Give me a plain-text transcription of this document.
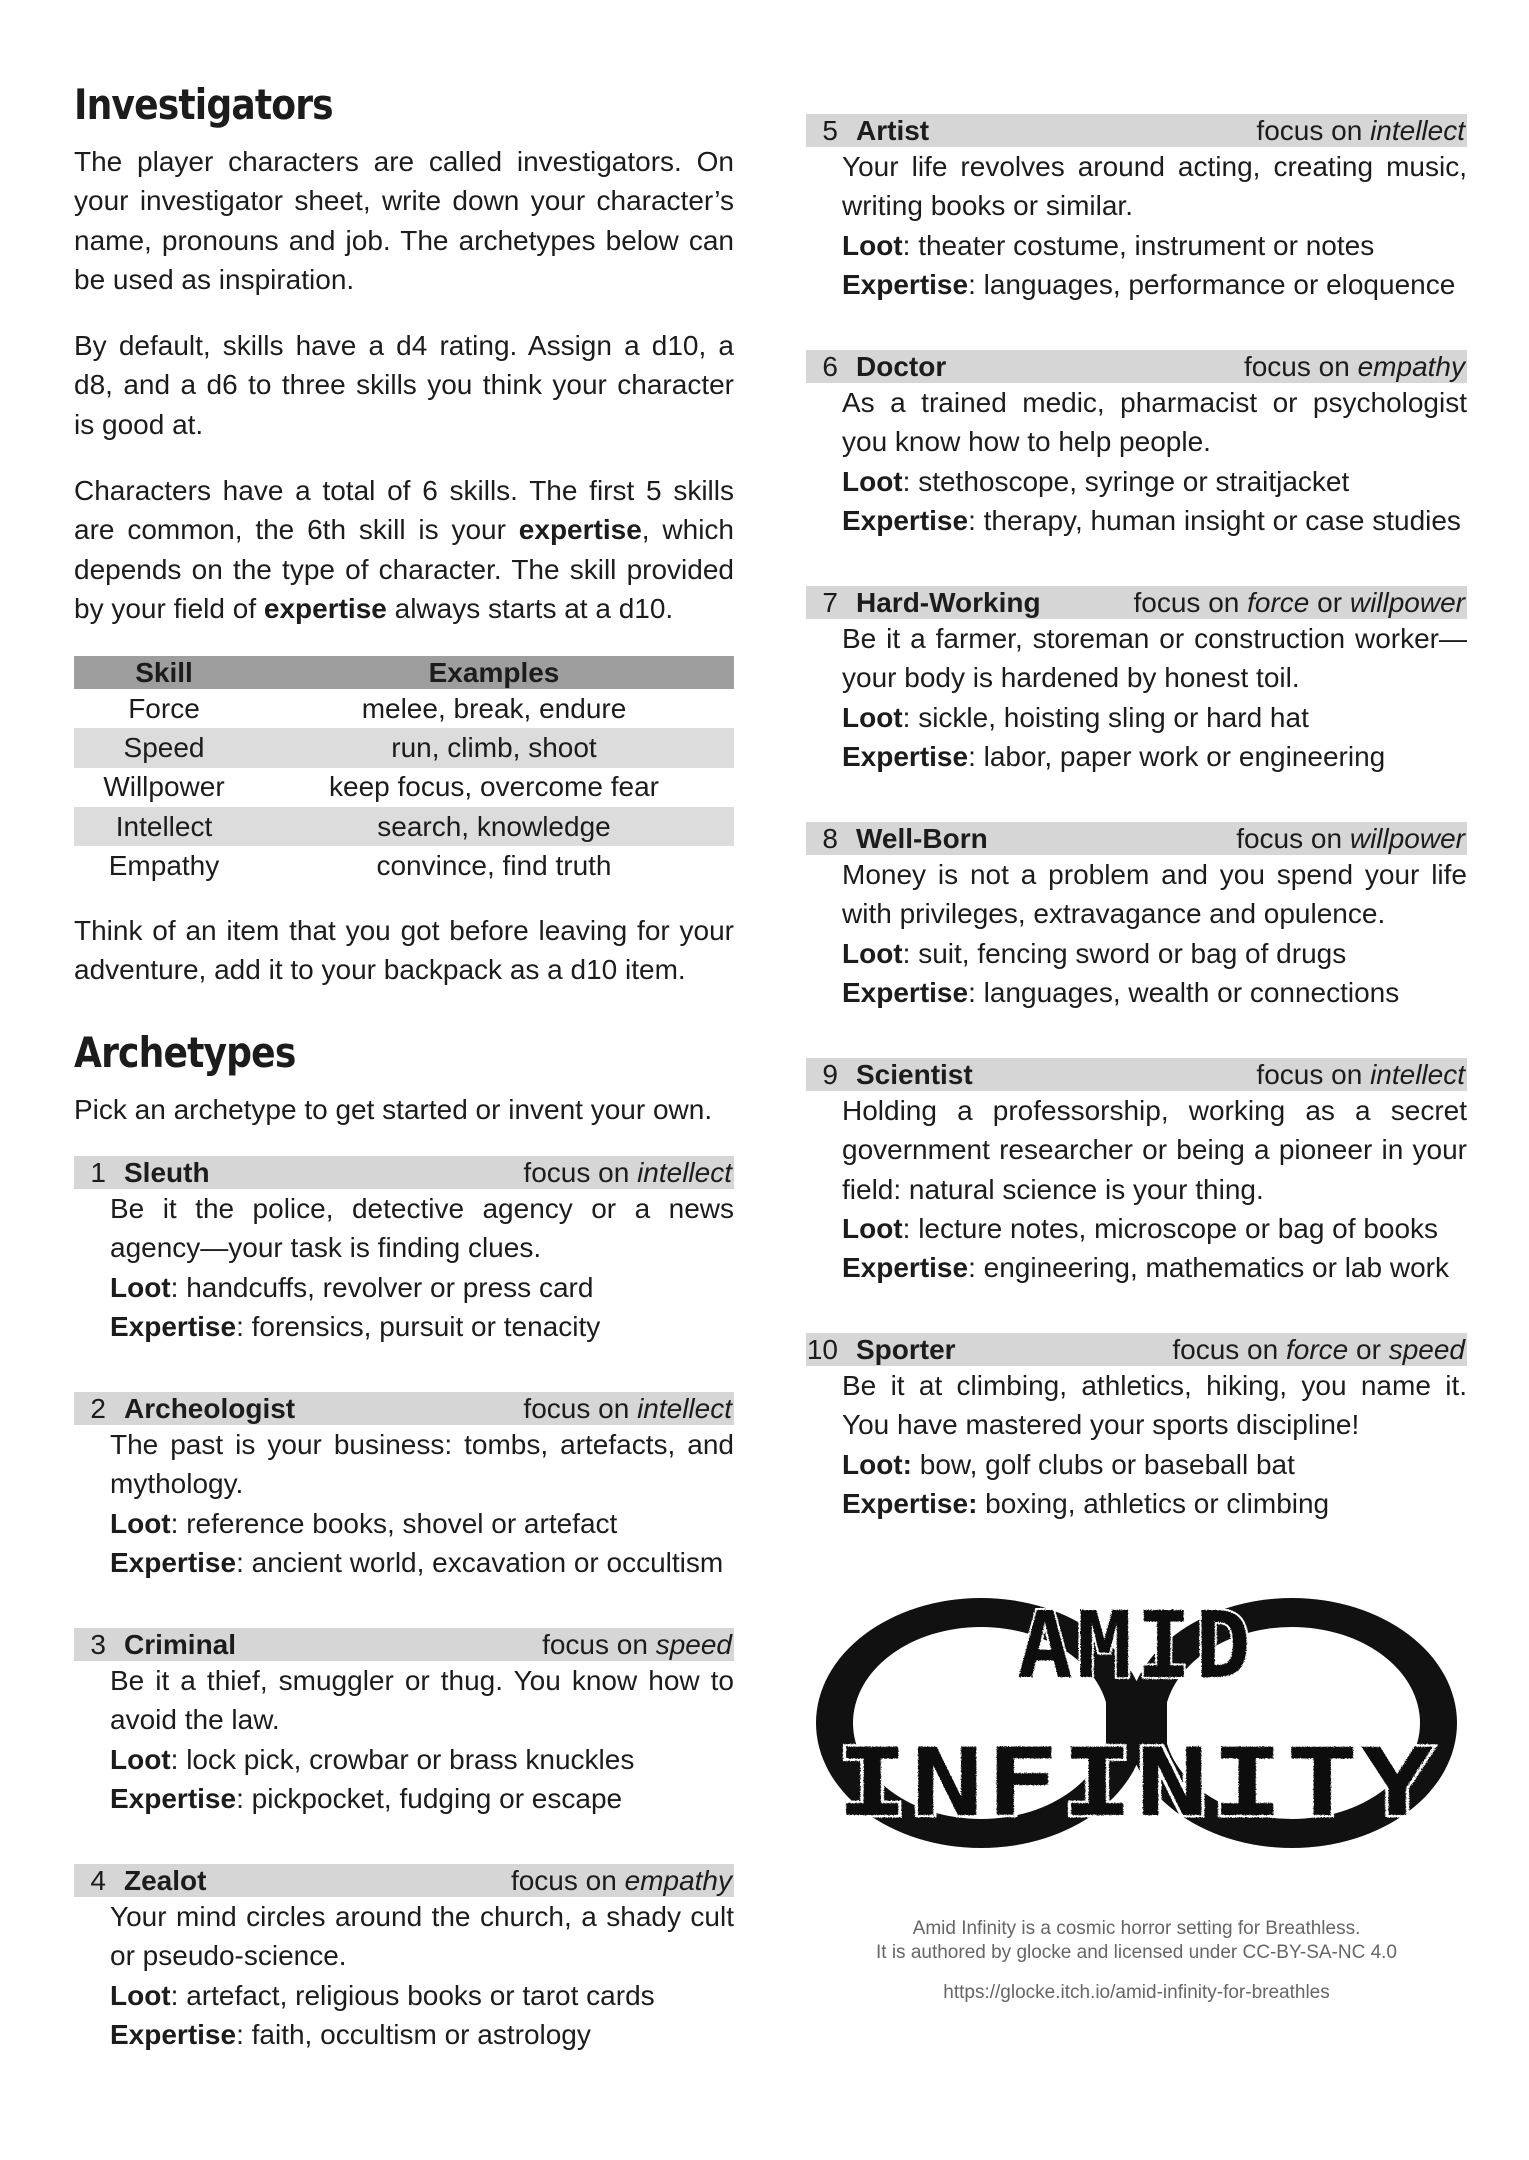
Investigators

The player characters are called investigators. On your investigator sheet, write down your character’s name, pronouns and job. The archetypes below can be used as inspiration.

By default, skills have a d4 rating. Assign a d10, a d8, and a d6 to three skills you think your character is good at.

Characters have a total of 6 skills. The first 5 skills are common, the 6th skill is your expertise, which depends on the type of character. The skill provided by your field of expertise always starts at a d10.

Skill	Examples
Force	melee, break, endure
Speed	run, climb, shoot
Willpower	keep focus, overcome fear
Intellect	search, knowledge
Empathy	convince, find truth

Think of an item that you got before leaving for your adventure, add it to your backpack as a d10 item.

Archetypes

Pick an archetype to get started or invent your own.

1 Sleuth	focus on intellect

Be it the police, detective agency or a news agency—your task is finding clues.

Loot: handcuffs, revolver or press card

Expertise: forensics, pursuit or tenacity

2 Archeologist	focus on intellect

The past is your business: tombs, artefacts, and mythology.

Loot: reference books, shovel or artefact

Expertise: ancient world, excavation or occultism

3 Criminal	focus on speed

Be it a thief, smuggler or thug. You know how to avoid the law.

Loot: lock pick, crowbar or brass knuckles

Expertise: pickpocket, fudging or escape

4 Zealot	focus on empathy

Your mind circles around the church, a shady cult or pseudo-science.

Loot: artefact, religious books or tarot cards

Expertise: faith, occultism or astrology

5 Artist	focus on intellect

Your life revolves around acting, creating music, writing books or similar.

Loot: theater costume, instrument or notes

Expertise: languages, performance or eloquence

6 Doctor	focus on empathy

As a trained medic, pharmacist or psychologist you know how to help people.

Loot: stethoscope, syringe or straitjacket

Expertise: therapy, human insight or case studies

7 Hard-Working	focus on force or willpower

Be it a farmer, storeman or construction worker—your body is hardened by honest toil.

Loot: sickle, hoisting sling or hard hat

Expertise: labor, paper work or engineering

8 Well-Born	focus on willpower

Money is not a problem and you spend your life with privileges, extravagance and opulence.

Loot: suit, fencing sword or bag of drugs

Expertise: languages, wealth or connections

9 Scientist	focus on intellect

Holding a professorship, working as a secret government researcher or being a pioneer in your field: natural science is your thing.

Loot: lecture notes, microscope or bag of books

Expertise: engineering, mathematics or lab work

10 Sporter	focus on force or speed

Be it at climbing, athletics, hiking, you name it. You have mastered your sports discipline!

Loot: bow, golf clubs or baseball bat

Expertise: boxing, athletics or climbing

AMID
INFINITY
Amid Infinity is a cosmic horror setting for Breathless.
It is authored by glocke and licensed under CC-BY-SA-NC 4.0
https://glocke.itch.io/amid-infinity-for-breathles
